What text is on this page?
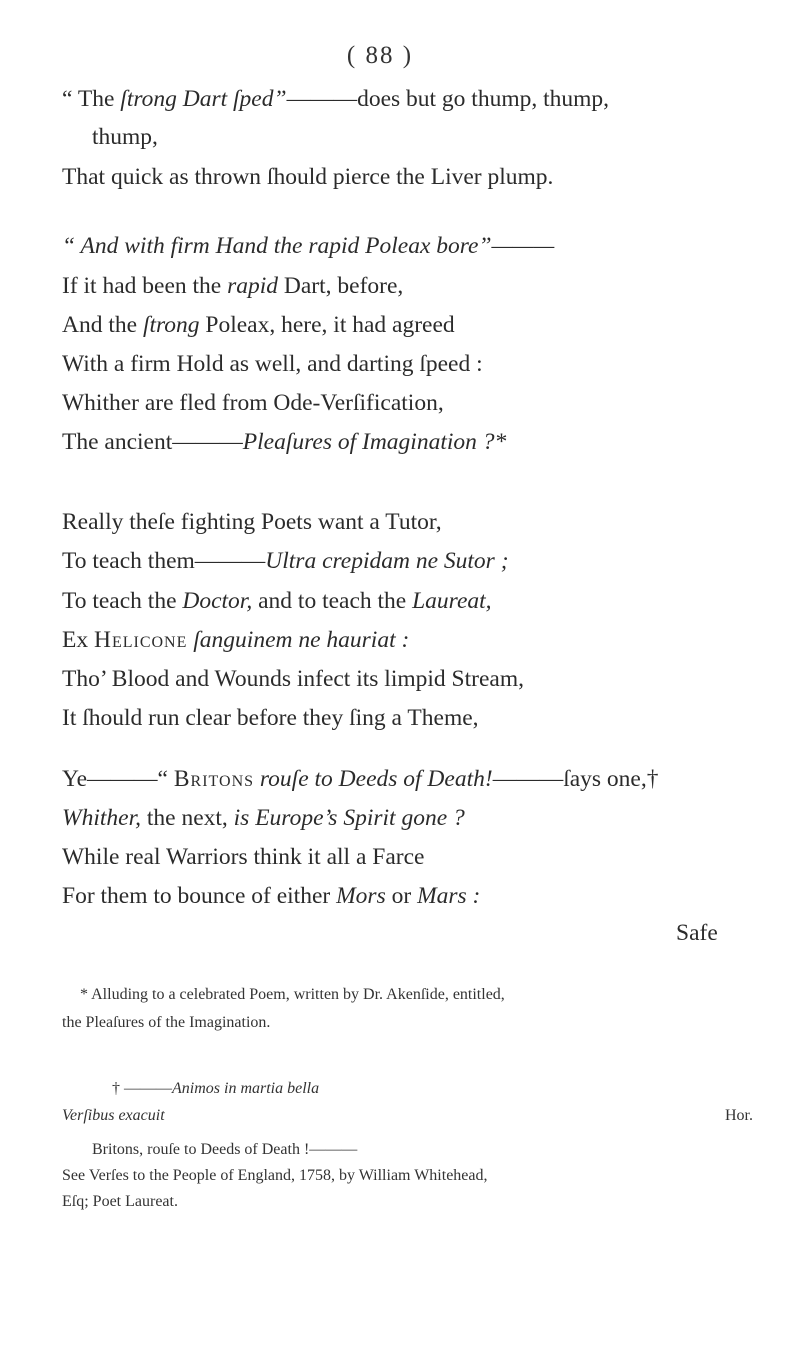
( 88 )
“ The ſtrong Dart ſped”———does but go thump, thump,
thump,
That quick as thrown ſhould pierce the Liver plump.
“ And with firm Hand the rapid Poleax bore”———
If it had been the rapid Dart, before,
And the ſtrong Poleax, here, it had agreed
With a firm Hold as well, and darting ſpeed :
Whither are fled from Ode-Verſification,
The ancient———Pleaſures of Imagination ?*
Really theſe fighting Poets want a Tutor,
To teach them———Ultra crepidam ne Sutor ;
To teach the Doctor, and to teach the Laureat,
Ex Helicone ſanguinem ne hauriat :
Tho’ Blood and Wounds infect its limpid Stream,
It ſhould run clear before they ſing a Theme,
Ye———“ Britons rouſe to Deeds of Death!———ſays one,†
Whither, the next, is Europe’s Spirit gone ?
While real Warriors think it all a Farce
For them to bounce of either Mors or Mars :
Safe
* Alluding to a celebrated Poem, written by Dr. Akenſide, entitled,
the Pleaſures of the Imagination.
† ———Animos in martia bella
Verſibus exacuit	Hor.
Britons, rouſe to Deeds of Death !———
See Verſes to the People of England, 1758, by William Whitehead,
Eſq; Poet Laureat.
